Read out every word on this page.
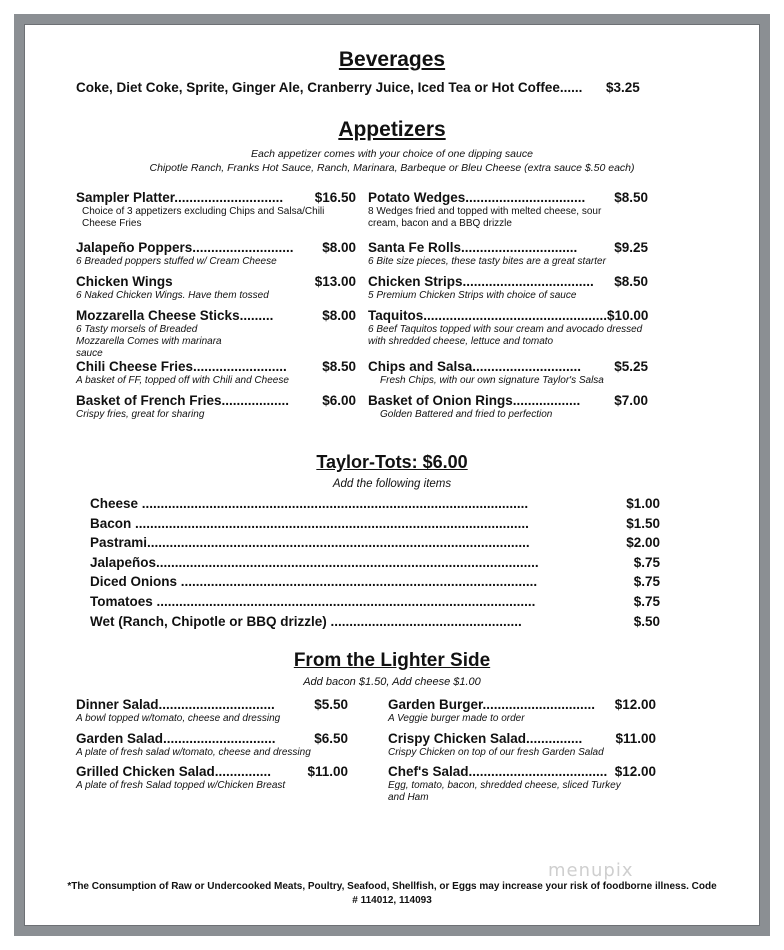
Beverages
Coke, Diet Coke, Sprite, Ginger Ale, Cranberry Juice, Iced Tea or Hot Coffee...... $3.25
Appetizers
Each appetizer comes with your choice of one dipping sauce
Chipotle Ranch, Franks Hot Sauce, Ranch, Marinara, Barbeque or Bleu Cheese (extra sauce $.50 each)
Sampler Platter............................. $16.50
Choice of 3 appetizers excluding Chips and Salsa/Chili Cheese Fries
Jalapeño Poppers........................... $8.00
6 Breaded poppers stuffed w/ Cream Cheese
Chicken Wings	$13.00
6 Naked Chicken Wings. Have them tossed
Mozzarella Cheese Sticks.........	$8.00
6 Tasty morsels of Breaded Mozzarella Comes with marinara sauce
Chili Cheese Fries.........................	$8.50
A basket of FF, topped off with Chili and Cheese
Basket of French Fries.................. $6.00
Crispy fries, great for sharing
Potato Wedges................................ $8.50
8 Wedges fried and topped with melted cheese, sour cream, bacon and a BBQ drizzle
Santa Fe Rolls...............................	$9.25
6 Bite size pieces, these tasty bites are a great starter
Chicken Strips................................... $8.50
5 Premium Chicken Strips with choice of sauce
Taquitos................................................. $10.00
6 Beef Taquitos topped with sour cream and avocado dressed with shredded cheese, lettuce and tomato
Chips and Salsa............................. $5.25
Fresh Chips, with our own signature Taylor's Salsa
Basket of Onion Rings..................	$7.00
Golden Battered and fried to perfection
Taylor-Tots: $6.00
Add the following items
Cheese .......................................................................................................	$1.00
Bacon .........................................................................................................	$1.50
Pastrami......................................................................................................	$2.00
Jalapeños......................................................................................................	$.75
Diced Onions ...............................................................................................	$.75
Tomatoes .....................................................................................................	$.75
Wet (Ranch, Chipotle or BBQ drizzle) ...................................................	$.50
From the Lighter Side
Add bacon $1.50, Add cheese $1.00
Dinner Salad...............................	$5.50
A bowl topped w/tomato, cheese and dressing
Garden Salad..............................	$6.50
A plate of fresh salad w/tomato, cheese and dressing
Grilled Chicken Salad...............	$11.00
A plate of fresh Salad topped w/Chicken Breast
Garden Burger.............................. $12.00
A Veggie burger made to order
Crispy Chicken Salad............... $11.00
Crispy Chicken on top of our fresh Garden Salad
Chef's Salad..................................... $12.00
Egg, tomato, bacon, shredded cheese, sliced Turkey and Ham
menupix
*The Consumption of Raw or Undercooked Meats, Poultry, Seafood, Shellfish, or Eggs may increase your risk of foodborne illness. Code # 114012, 114093
